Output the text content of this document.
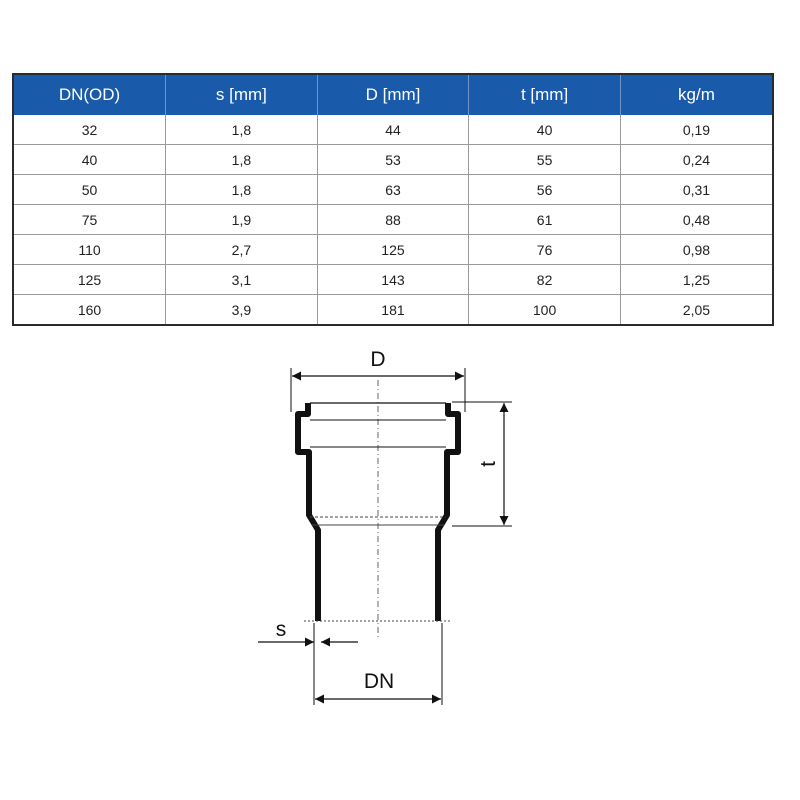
DN(OD)	s [mm]	D [mm]	t [mm]	kg/m
32	1,8	44	40	0,19
40	1,8	53	55	0,24
50	1,8	63	56	0,31
75	1,9	88	61	0,48
110	2,7	125	76	0,98
125	3,1	143	82	1,25
160	3,9	181	100	2,05
D
t
s
DN
